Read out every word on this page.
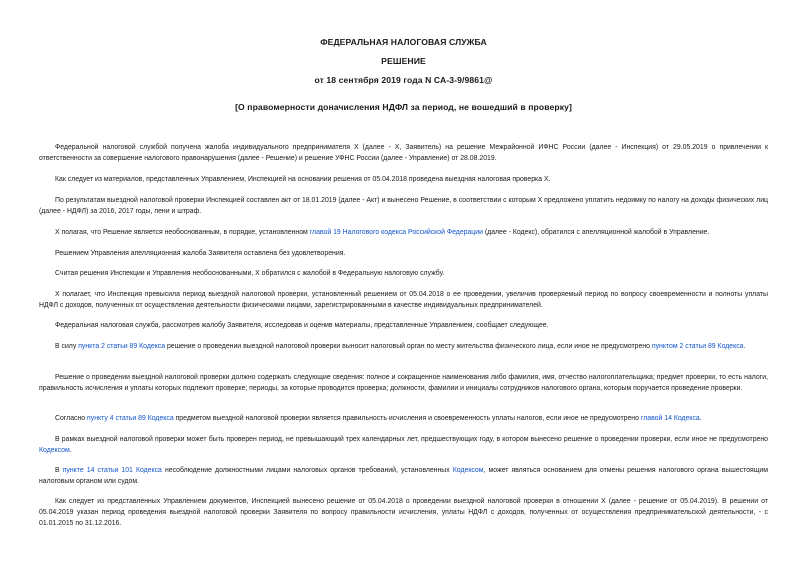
ФЕДЕРАЛЬНАЯ НАЛОГОВАЯ СЛУЖБА
РЕШЕНИЕ
от 18 сентября 2019 года N СА-3-9/9861@
[О правомерности доначисления НДФЛ за период, не вошедший в проверку]

Федеральной налоговой службой получена жалоба индивидуального предпринимателя Х (далее - Х, Заявитель) на решение Межрайонной ИФНС России (далее - Инспекция) от 29.05.2019 о привлечении к ответственности за совершение налогового правонарушения (далее - Решение) и решение УФНС России (далее - Управление) от 28.08.2019.

Как следует из материалов, представленных Управлением, Инспекцией на основании решения от 05.04.2018 проведена выездная налоговая проверка Х.

По результатам выездной налоговой проверки Инспекцией составлен акт от 18.01.2019 (далее - Акт) и вынесено Решение, в соответствии с которым Х предложено уплатить недоимку по налогу на доходы физических лиц (далее - НДФЛ) за 2016, 2017 годы, пени и штраф.

Х полагая, что Решение является необоснованным, в порядке, установленном главой 19 Налогового кодекса Российской Федерации (далее - Кодекс), обратился с апелляционной жалобой в Управление.

Решением Управления апелляционная жалоба Заявителя оставлена без удовлетворения.

Считая решения Инспекции и Управления необоснованными, Х обратился с жалобой в Федеральную налоговую службу.

Х полагает, что Инспекция превысила период выездной налоговой проверки, установленный решением от 05.04.2018 о ее проведении, увеличив проверяемый период по вопросу своевременности и полноты уплаты НДФЛ с доходов, полученных от осуществления деятельности физическими лицами, зарегистрированными в качестве индивидуальных предпринимателей.

Федеральная налоговая служба, рассмотрев жалобу Заявителя, исследовав и оценив материалы, представленные Управлением, сообщает следующее.

В силу пункта 2 статьи 89 Кодекса решение о проведении выездной налоговой проверки выносит налоговый орган по месту жительства физического лица, если иное не предусмотрено пунктом 2 статьи 89 Кодекса.

Решение о проведении выездной налоговой проверки должно содержать следующие сведения: полное и сокращенное наименования либо фамилия, имя, отчество налогоплательщика; предмет проверки, то есть налоги, правильность исчисления и уплаты которых подлежит проверке; периоды, за которые проводится проверка; должности, фамилии и инициалы сотрудников налогового органа, которым поручается проведение проверки.

Согласно пункту 4 статьи 89 Кодекса предметом выездной налоговой проверки является правильность исчисления и своевременность уплаты налогов, если иное не предусмотрено главой 14 Кодекса.

В рамках выездной налоговой проверки может быть проверен период, не превышающий трех календарных лет, предшествующих году, в котором вынесено решение о проведении проверки, если иное не предусмотрено Кодексом.

В пункте 14 статьи 101 Кодекса несоблюдение должностными лицами налоговых органов требований, установленных Кодексом, может являться основанием для отмены решения налогового органа вышестоящим налоговым органом или судом.

Как следует из представленных Управлением документов, Инспекцией вынесено решение от 05.04.2018 о проведении выездной налоговой проверки в отношении Х (далее - решение от 05.04.2019). В решении от 05.04.2019 указан период проведения выездной налоговой проверки Заявителя по вопросу правильности исчисления, уплаты НДФЛ с доходов, полученных от осуществления предпринимательской деятельности, - с 01.01.2015 по 31.12.2016.
